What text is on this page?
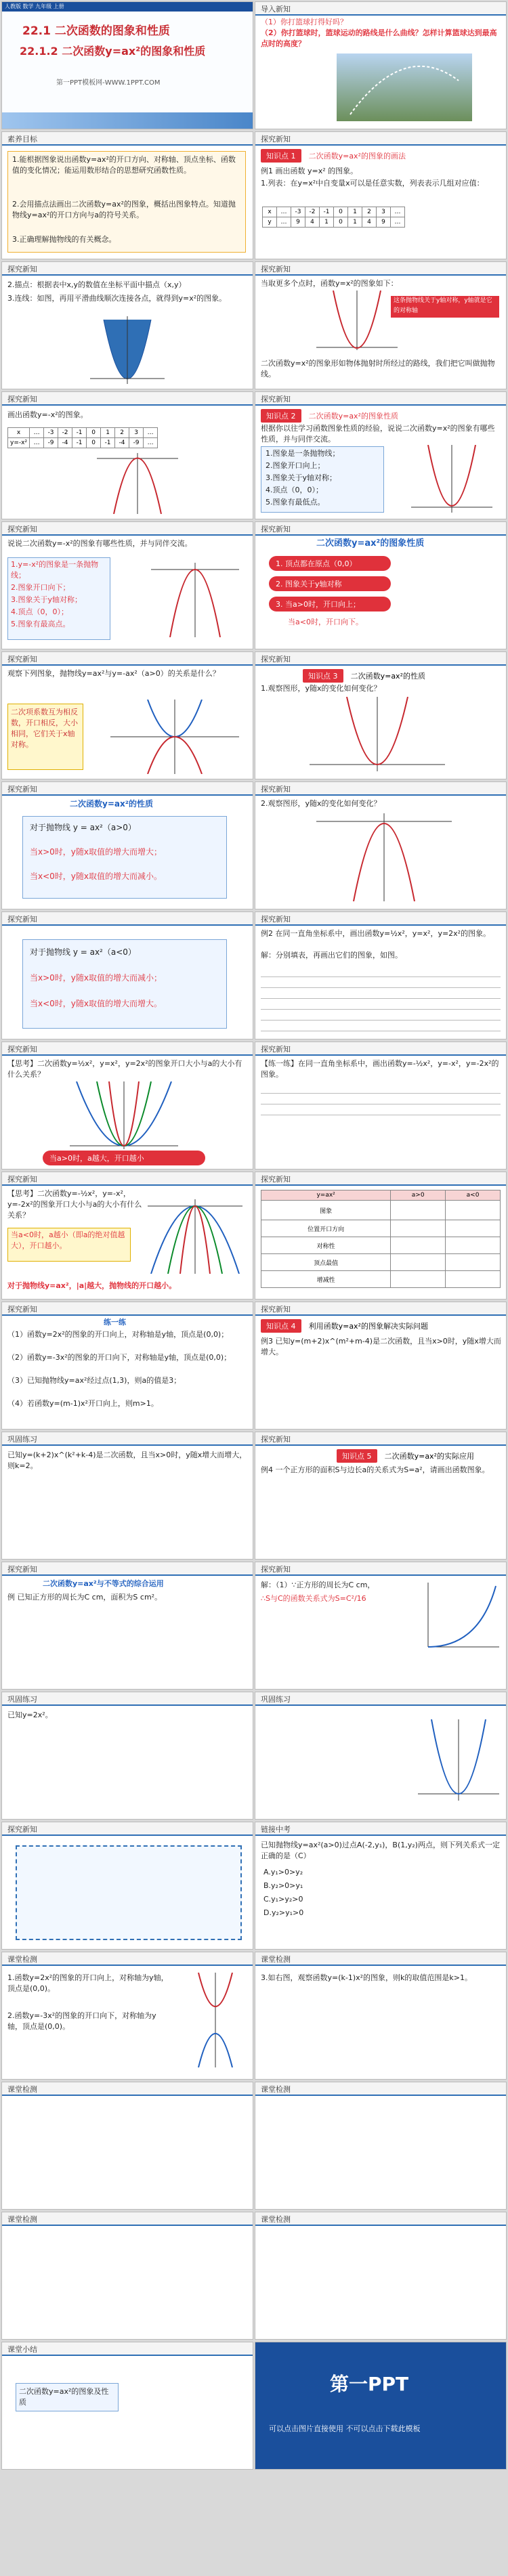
人教版 数学 九年级 上册
22.1 二次函数的图象和性质
22.1.2 二次函数y=ax²的图象和性质
第一PPT模板网-WWW.1PPT.COM
导入新知
（1）你打篮球打得好吗？
（2）你打篮球时，篮球运动的路线是什么曲线？怎样计算篮球达到最高点时的高度？
素养目标
1.能根据图象说出函数y=ax²的开口方向、对称轴、顶点坐标、函数值的变化情况；能运用数形结合的思想研究函数性质。
2.会用描点法画出二次函数y=ax²的图象，概括出图象特点。知道抛物线y=ax²的开口方向与a的符号关系。
3.正确理解抛物线的有关概念。
探究新知
知识点 1 二次函数y=ax²的图象的画法
例1 画出函数 y=x² 的图象。
1.列表：在y=x²中自变量x可以是任意实数，列表表示几组对应值：
x	…	-3	-2	-1	0	1	2	3	…
y	…	9	4	1	0	1	4	9	…
探究新知
2.描点：根据表中x,y的数值在坐标平面中描点（x,y）
3.连线：如图，再用平滑曲线顺次连接各点，就得到y=x²的图象。
探究新知
当取更多个点时，函数y=x²的图象如下：
这条抛物线关于y轴对称，y轴就是它的对称轴
二次函数y=x²的图象形如物体抛射时所经过的路线，我们把它叫做抛物线。
探究新知
画出函数y=-x²的图象。
x	…	-3	-2	-1	0	1	2	3	…
y=-x²	…	-9	-4	-1	0	-1	-4	-9	…
探究新知
知识点 2 二次函数y=ax²的图象性质
根据你以往学习函数图象性质的经验，说说二次函数y=x²的图象有哪些性质，并与同伴交流。
1.图象是一条抛物线；
2.图象开口向上；
3.图象关于y轴对称；
4.顶点（0，0）；
5.图象有最低点。
探究新知
说说二次函数y=-x²的图象有哪些性质，并与同伴交流。
1.y=-x²的图象是一条抛物线；
2.图象开口向下；
3.图象关于y轴对称；
4.顶点（0，0）；
5.图象有最高点。
探究新知
二次函数y=ax²的图象性质
1. 顶点都在原点（0,0）
2. 图象关于y轴对称
3. 当a>0时，开口向上；
当a<0时，开口向下。
探究新知
观察下列图象，抛物线y=ax²与y=-ax²（a>0）的关系是什么？
二次项系数互为相反数，开口相反，大小相同，它们关于x轴对称。
探究新知
知识点 3 二次函数y=ax²的性质
1.观察图形，y随x的变化如何变化？
探究新知
二次函数y=ax²的性质
对于抛物线 y = ax²（a>0）
当x>0时，y随x取值的增大而增大；
当x<0时，y随x取值的增大而减小。
探究新知
2.观察图形，y随x的变化如何变化？
探究新知
对于抛物线 y = ax²（a<0）
当x>0时，y随x取值的增大而减小；
当x<0时，y随x取值的增大而增大。
探究新知
例2 在同一直角坐标系中，画出函数y=½x²，y=x²，y=2x²的图象。
解：分别填表，再画出它们的图象，如图。
探究新知
【思考】二次函数y=½x²，y=x²，y=2x²的图象开口大小与a的大小有什么关系？
当a>0时，a越大，开口越小
探究新知
【练一练】在同一直角坐标系中，画出函数y=-½x²，y=-x²，y=-2x²的图象。
探究新知
【思考】二次函数y=-½x²，y=-x²，y=-2x²的图象开口大小与a的大小有什么关系？
当a<0时，a越小（即a的绝对值越大），开口越小。
对于抛物线y=ax²，|a|越大，抛物线的开口越小。
探究新知
y=ax²	a>0	a<0
图象		
位置开口方向		
对称性		
顶点最值		
增减性		
探究新知
练一练
（1）函数y=2x²的图象的开口向上，对称轴是y轴，顶点是(0,0)；
（2）函数y=-3x²的图象的开口向下，对称轴是y轴，顶点是(0,0)；
（3）已知抛物线y=ax²经过点(1,3)，则a的值是3；
（4）若函数y=(m-1)x²开口向上，则m>1。
探究新知
知识点 4 利用函数y=ax²的图象解决实际问题
例3 已知y=(m+2)x^(m²+m-4)是二次函数，且当x>0时，y随x增大而增大。
巩固练习
已知y=(k+2)x^(k²+k-4)是二次函数，且当x>0时，y随x增大而增大，则k=2。
探究新知
知识点 5 二次函数y=ax²的实际应用
例4 一个正方形的面积S与边长a的关系式为S=a²，请画出函数图象。
探究新知
二次函数y=ax²与不等式的综合运用
例 已知正方形的周长为C cm，面积为S cm²。
探究新知
解：（1）∵正方形的周长为C cm，
∴S与C的函数关系式为S=C²/16
巩固练习
已知y=2x²。
巩固练习
探究新知	链接中考
已知抛物线y=ax²(a>0)过点A(-2,y₁)，B(1,y₂)两点，则下列关系式一定正确的是（C）
A.y₁>0>y₂
B.y₂>0>y₁
C.y₁>y₂>0
D.y₂>y₁>0
课堂检测
1.函数y=2x²的图象的开口向上，对称轴为y轴，顶点是(0,0)。
2.函数y=-3x²的图象的开口向下，对称轴为y轴，顶点是(0,0)。
课堂检测
3.如右图，观察函数y=(k-1)x²的图象，则k的取值范围是k>1。
课堂检测	课堂检测
课堂检测	课堂检测
课堂小结
二次函数y=ax²的图象及性质
第一PPT
可以点击图片直接使用 不可以点击下载此模板
